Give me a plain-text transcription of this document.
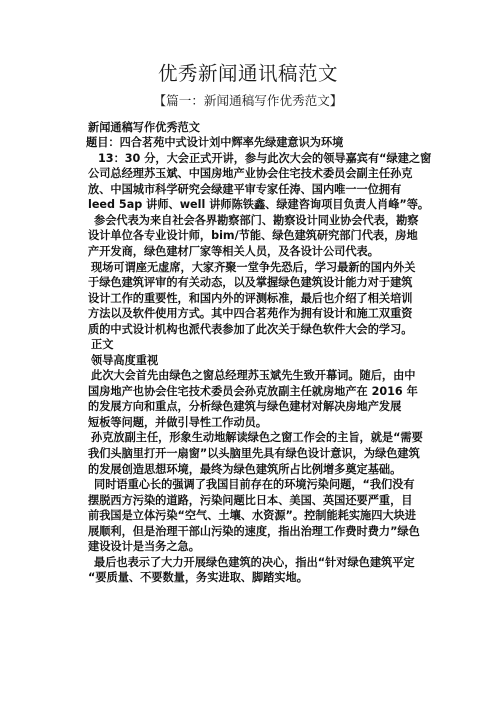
优秀新闻通讯稿范文
【篇一：新闻通稿写作优秀范文】
新闻通稿写作优秀范文
题目：四合茗苑中式设计刘中辉率先绿建意识为环境
13：30 分，大会正式开讲，参与此次大会的领导嘉宾有“绿建之窗
公司总经理苏玉斌、中国房地产业协会住宅技术委员会副主任孙克
放、中国城市科学研究会绿建平审专家任涛、国内唯一一位拥有
leed 5ap 讲师、well 讲师陈铁鑫、绿建咨询项目负责人肖峰”等。
参会代表为来自社会各界勘察部门、勘察设计同业协会代表，勘察
设计单位各专业设计师，bim/节能、绿色建筑研究部门代表，房地
产开发商，绿色建材厂家等相关人员，及各设计公司代表。
现场可谓座无虚席，大家齐聚一堂争先恐后，学习最新的国内外关
于绿色建筑评审的有关动态，以及掌握绿色建筑设计能力对于建筑
设计工作的重要性，和国内外的评测标准，最后也介绍了相关培训
方法以及软件使用方式。其中四合茗苑作为拥有设计和施工双重资
质的中式设计机构也派代表参加了此次关于绿色软件大会的学习。
正文
领导高度重视
此次大会首先由绿色之窗总经理苏玉斌先生致开幕词。随后，由中
国房地产也协会住宅技术委员会孙克放副主任就房地产在 2016 年
的发展方向和重点，分析绿色建筑与绿色建材对解决房地产发展
短板等问题，并做引导性工作动员。
孙克放副主任，形象生动地解读绿色之窗工作会的主旨，就是“需要
我们头脑里打开一扇窗”以头脑里先具有绿色设计意识，为绿色建筑
的发展创造思想环境，最终为绿色建筑所占比例增多奠定基础。
同时语重心长的强调了我国目前存在的环境污染问题，“我们没有
摆脱西方污染的道路，污染问题比日本、美国、英国还要严重，目
前我国是立体污染“空气、土壤、水资源”。控制能耗实施四大块进
展顺利，但是治理干部山污染的速度，指出治理工作费时费力”绿色
建设设计是当务之急。
最后也表示了大力开展绿色建筑的决心，指出“针对绿色建筑平定
“要质量、不要数量，务实进取、脚踏实地。
